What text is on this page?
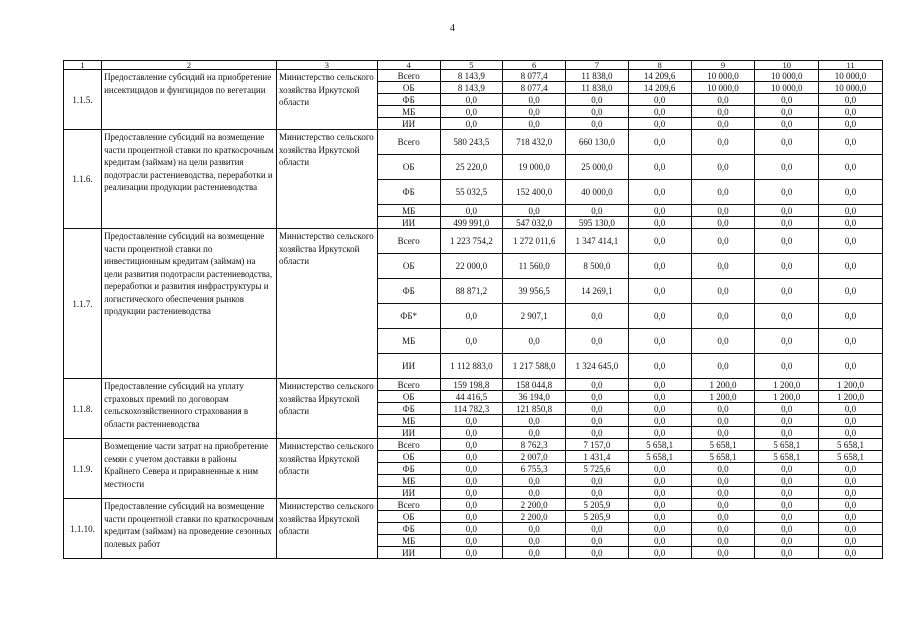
4
1	2	3	4	5	6	7	8	9	10	11
1.1.5.	Предоставление субсидий на приобретение инсектицидов и фунгицидов по вегетации	Министерство сельского хозяйства Иркутской области	Всего	8 143,9	8 077,4	11 838,0	14 209,6	10 000,0	10 000,0	10 000,0
			ОБ	8 143,9	8 077,4	11 838,0	14 209,6	10 000,0	10 000,0	10 000,0
			ФБ	0,0	0,0	0,0	0,0	0,0	0,0	0,0
			МБ	0,0	0,0	0,0	0,0	0,0	0,0	0,0
			ИИ	0,0	0,0	0,0	0,0	0,0	0,0	0,0
1.1.6.	Предоставление субсидий на возмещение части процентной ставки по краткосрочным кредитам (займам) на цели развития подотрасли растениеводства, переработки и реализации продукции растениеводства	Министерство сельского хозяйства Иркутской области	Всего	580 243,5	718 432,0	660 130,0	0,0	0,0	0,0	0,0
			ОБ	25 220,0	19 000,0	25 000,0	0,0	0,0	0,0	0,0
			ФБ	55 032,5	152 400,0	40 000,0	0,0	0,0	0,0	0,0
			МБ	0,0	0,0	0,0	0,0	0,0	0,0	0,0
			ИИ	499 991,0	547 032,0	595 130,0	0,0	0,0	0,0	0,0
1.1.7.	Предоставление субсидий на возмещение части процентной ставки по инвестиционным кредитам (займам) на цели развития подотрасли растениеводства, переработки и развития инфраструктуры и логистического обеспечения рынков продукции растениеводства	Министерство сельского хозяйства Иркутской области	Всего	1 223 754,2	1 272 011,6	1 347 414,1	0,0	0,0	0,0	0,0
			ОБ	22 000,0	11 560,0	8 500,0	0,0	0,0	0,0	0,0
			ФБ	88 871,2	39 956,5	14 269,1	0,0	0,0	0,0	0,0
			ФБ*	0,0	2 907,1	0,0	0,0	0,0	0,0	0,0
			МБ	0,0	0,0	0,0	0,0	0,0	0,0	0,0
			ИИ	1 112 883,0	1 217 588,0	1 324 645,0	0,0	0,0	0,0	0,0
1.1.8.	Предоставление субсидий на уплату страховых премий по договорам сельскохозяйственного страхования в области растениеводства	Министерство сельского хозяйства Иркутской области	Всего	159 198,8	158 044,8	0,0	0,0	1 200,0	1 200,0	1 200,0
			ОБ	44 416,5	36 194,0	0,0	0,0	1 200,0	1 200,0	1 200,0
			ФБ	114 782,3	121 850,8	0,0	0,0	0,0	0,0	0,0
			МБ	0,0	0,0	0,0	0,0	0,0	0,0	0,0
			ИИ	0,0	0,0	0,0	0,0	0,0	0,0	0,0
1.1.9.	Возмещение части затрат на приобретение семян с учетом доставки в районы Крайнего Севера и приравненные к ним местности	Министерство сельского хозяйства Иркутской области	Всего	0,0	8 762,3	7 157,0	5 658,1	5 658,1	5 658,1	5 658,1
			ОБ	0,0	2 007,0	1 431,4	5 658,1	5 658,1	5 658,1	5 658,1
			ФБ	0,0	6 755,3	5 725,6	0,0	0,0	0,0	0,0
			МБ	0,0	0,0	0,0	0,0	0,0	0,0	0,0
			ИИ	0,0	0,0	0,0	0,0	0,0	0,0	0,0
1.1.10.	Предоставление субсидий на возмещение части процентной ставки по краткосрочным кредитам (займам) на проведение сезонных полевых работ	Министерство сельского хозяйства Иркутской области	Всего	0,0	2 200,0	5 205,9	0,0	0,0	0,0	0,0
			ОБ	0,0	2 200,0	5 205,9	0,0	0,0	0,0	0,0
			ФБ	0,0	0,0	0,0	0,0	0,0	0,0	0,0
			МБ	0,0	0,0	0,0	0,0	0,0	0,0	0,0
			ИИ	0,0	0,0	0,0	0,0	0,0	0,0	0,0
